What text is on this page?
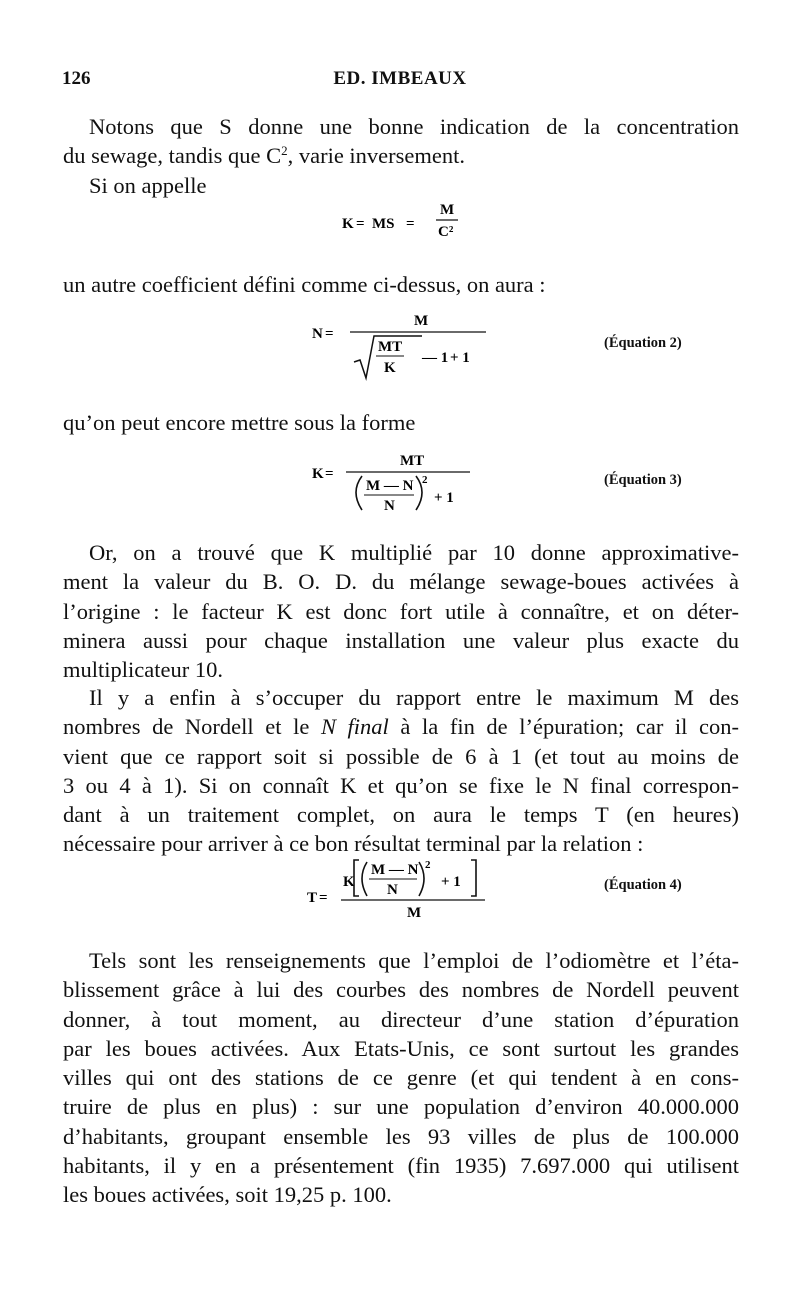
126	ED. IMBEAUX
Notons que S donne une bonne indication de la concentration
du sewage, tandis que $C^2$, varie inversement.
Si on appelle
K = MS =
M
C²
un autre coefficient défini comme ci-dessus, on aura :
N =
M
MT
K
— 1 + 1
(Équation 2)
qu’on peut encore mettre sous la forme
K =
MT
M — N
N
2
+ 1
(Équation 3)
Or, on a trouvé que K multiplié par 10 donne approximative-
ment la valeur du B. O. D. du mélange sewage-boues activées à
l’origine : le facteur K est donc fort utile à connaître, et on déter-
minera aussi pour chaque installation une valeur plus exacte du
multiplicateur 10.
Il y a enfin à s’occuper du rapport entre le maximum M des
nombres de Nordell et le N final à la fin de l’épuration; car il con-
vient que ce rapport soit si possible de 6 à 1 (et tout au moins de
3 ou 4 à 1). Si on connaît K et qu’on se fixe le N final correspon-
dant à un traitement complet, on aura le temps T (en heures)
nécessaire pour arriver à ce bon résultat terminal par la relation :
T =
K
M — N
N
2
+ 1
M
(Équation 4)
Tels sont les renseignements que l’emploi de l’odiomètre et l’éta-
blissement grâce à lui des courbes des nombres de Nordell peuvent
donner, à tout moment, au directeur d’une station d’épuration
par les boues activées. Aux Etats-Unis, ce sont surtout les grandes
villes qui ont des stations de ce genre (et qui tendent à en cons-
truire de plus en plus) : sur une population d’environ 40.000.000
d’habitants, groupant ensemble les 93 villes de plus de 100.000
habitants, il y en a présentement (fin 1935) 7.697.000 qui utilisent
les boues activées, soit 19,25 p. 100.
